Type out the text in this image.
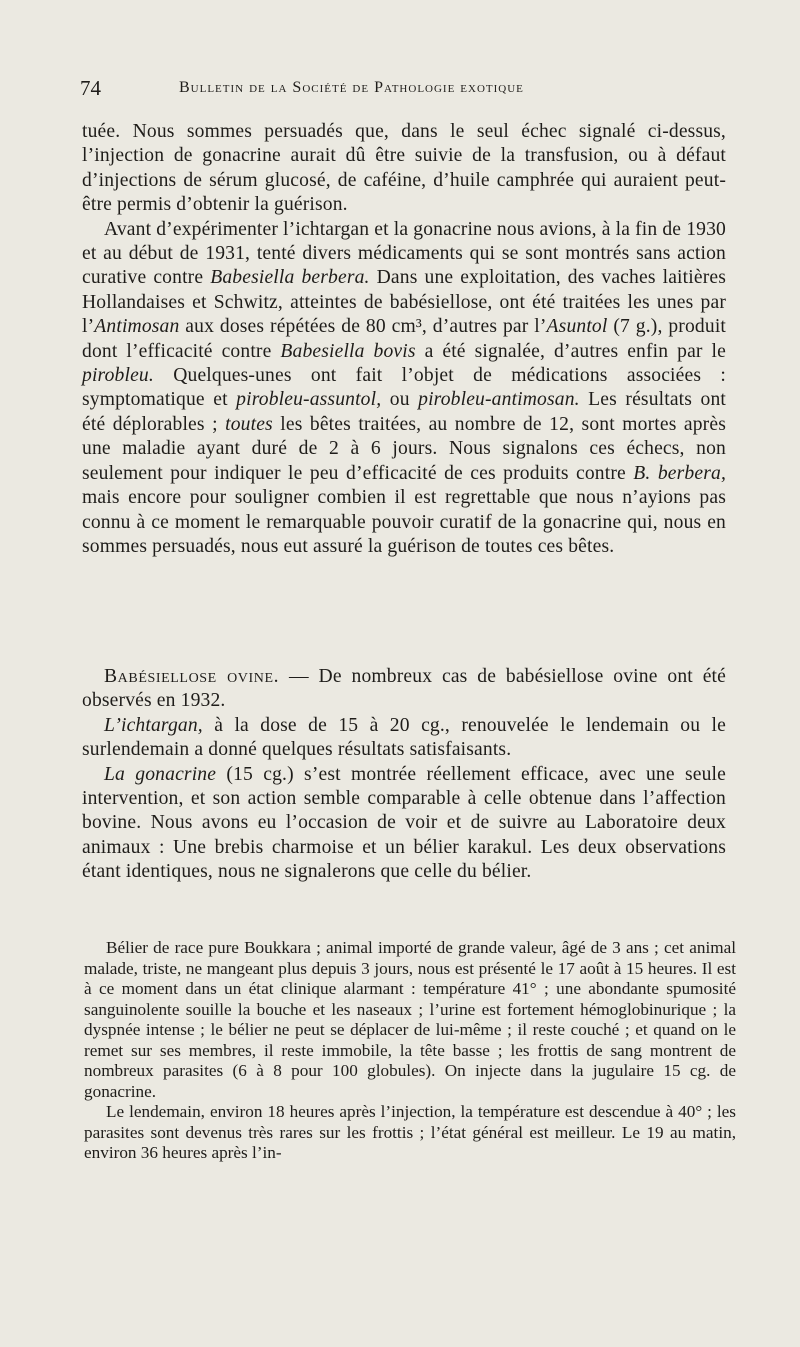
74	Bulletin de la Société de Pathologie exotique

tuée. Nous sommes persuadés que, dans le seul échec signalé ci-dessus, l’injection de gonacrine aurait dû être suivie de la transfusion, ou à défaut d’injections de sérum glucosé, de caféine, d’huile camphrée qui auraient peut-être permis d’obtenir la guérison.

Avant d’expérimenter l’ichtargan et la gonacrine nous avions, à la fin de 1930 et au début de 1931, tenté divers médicaments qui se sont montrés sans action curative contre Babesiella berbera. Dans une exploitation, des vaches laitières Hollandaises et Schwitz, atteintes de babésiellose, ont été traitées les unes par l’Antimosan aux doses répétées de 80 cm³, d’autres par l’Asuntol (7 g.), produit dont l’efficacité contre Babesiella bovis a été signalée, d’autres enfin par le pirobleu. Quelques-unes ont fait l’objet de médications associées : symptomatique et pirobleu-assuntol, ou pirobleu-antimosan. Les résultats ont été déplorables ; toutes les bêtes traitées, au nombre de 12, sont mortes après une maladie ayant duré de 2 à 6 jours. Nous signalons ces échecs, non seulement pour indiquer le peu d’efficacité de ces produits contre B. berbera, mais encore pour souligner combien il est regrettable que nous n’ayions pas connu à ce moment le remarquable pouvoir curatif de la gonacrine qui, nous en sommes persuadés, nous eut assuré la guérison de toutes ces bêtes.

Babésiellose ovine. — De nombreux cas de babésiellose ovine ont été observés en 1932.

L’ichtargan, à la dose de 15 à 20 cg., renouvelée le lendemain ou le surlendemain a donné quelques résultats satisfaisants.

La gonacrine (15 cg.) s’est montrée réellement efficace, avec une seule intervention, et son action semble comparable à celle obtenue dans l’affection bovine. Nous avons eu l’occasion de voir et de suivre au Laboratoire deux animaux : Une brebis charmoise et un bélier karakul. Les deux observations étant identiques, nous ne signalerons que celle du bélier.

Bélier de race pure Boukkara ; animal importé de grande valeur, âgé de 3 ans ; cet animal malade, triste, ne mangeant plus depuis 3 jours, nous est présenté le 17 août à 15 heures. Il est à ce moment dans un état clinique alarmant : température 41° ; une abondante spumosité sanguinolente souille la bouche et les naseaux ; l’urine est fortement hémoglobinurique ; la dyspnée intense ; le bélier ne peut se déplacer de lui-même ; il reste couché ; et quand on le remet sur ses membres, il reste immobile, la tête basse ; les frottis de sang montrent de nombreux parasites (6 à 8 pour 100 globules). On injecte dans la jugulaire 15 cg. de gonacrine.

Le lendemain, environ 18 heures après l’injection, la température est descendue à 40° ; les parasites sont devenus très rares sur les frottis ; l’état général est meilleur. Le 19 au matin, environ 36 heures après l’in-
